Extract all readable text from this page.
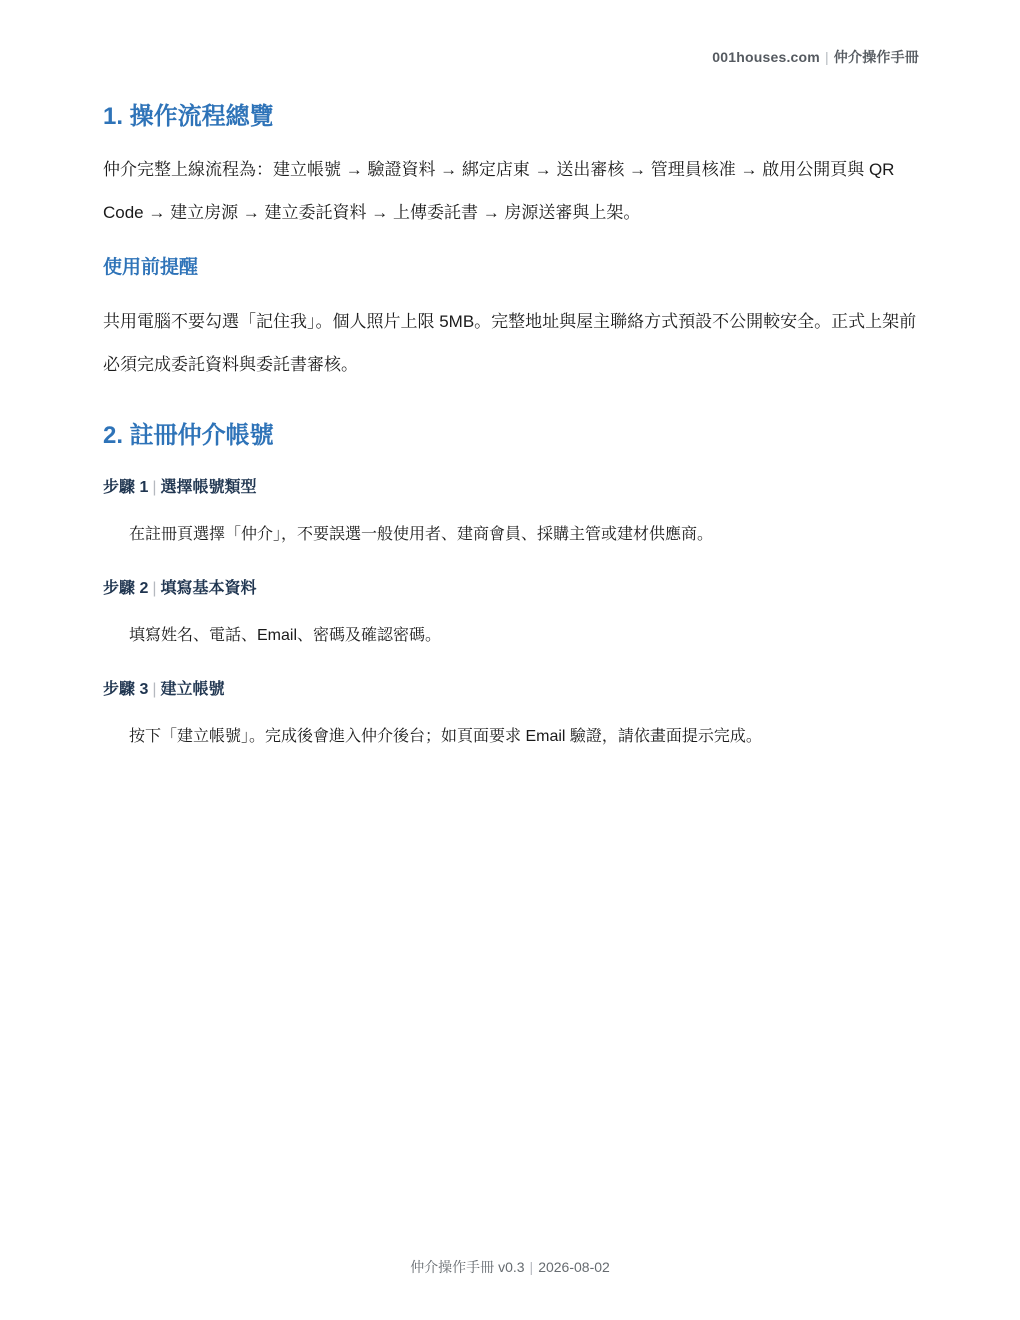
001houses.com | 仲介操作手冊
1. 操作流程總覽

仲介完整上線流程為：建立帳號 → 驗證資料 → 綁定店東 → 送出審核 → 管理員核准 → 啟用公開頁與 QR Code → 建立房源 → 建立委託資料 → 上傳委託書 → 房源送審與上架。

使用前提醒

共用電腦不要勾選「記住我」。個人照片上限 5MB。完整地址與屋主聯絡方式預設不公開較安全。正式上架前必須完成委託資料與委託書審核。

2. 註冊仲介帳號

步驟 1 | 選擇帳號類型

在註冊頁選擇「仲介」，不要誤選一般使用者、建商會員、採購主管或建材供應商。

步驟 2 | 填寫基本資料

填寫姓名、電話、Email、密碼及確認密碼。

步驟 3 | 建立帳號

按下「建立帳號」。完成後會進入仲介後台；如頁面要求 Email 驗證，請依畫面提示完成。

仲介操作手冊 v0.3 | 2026-08-02
